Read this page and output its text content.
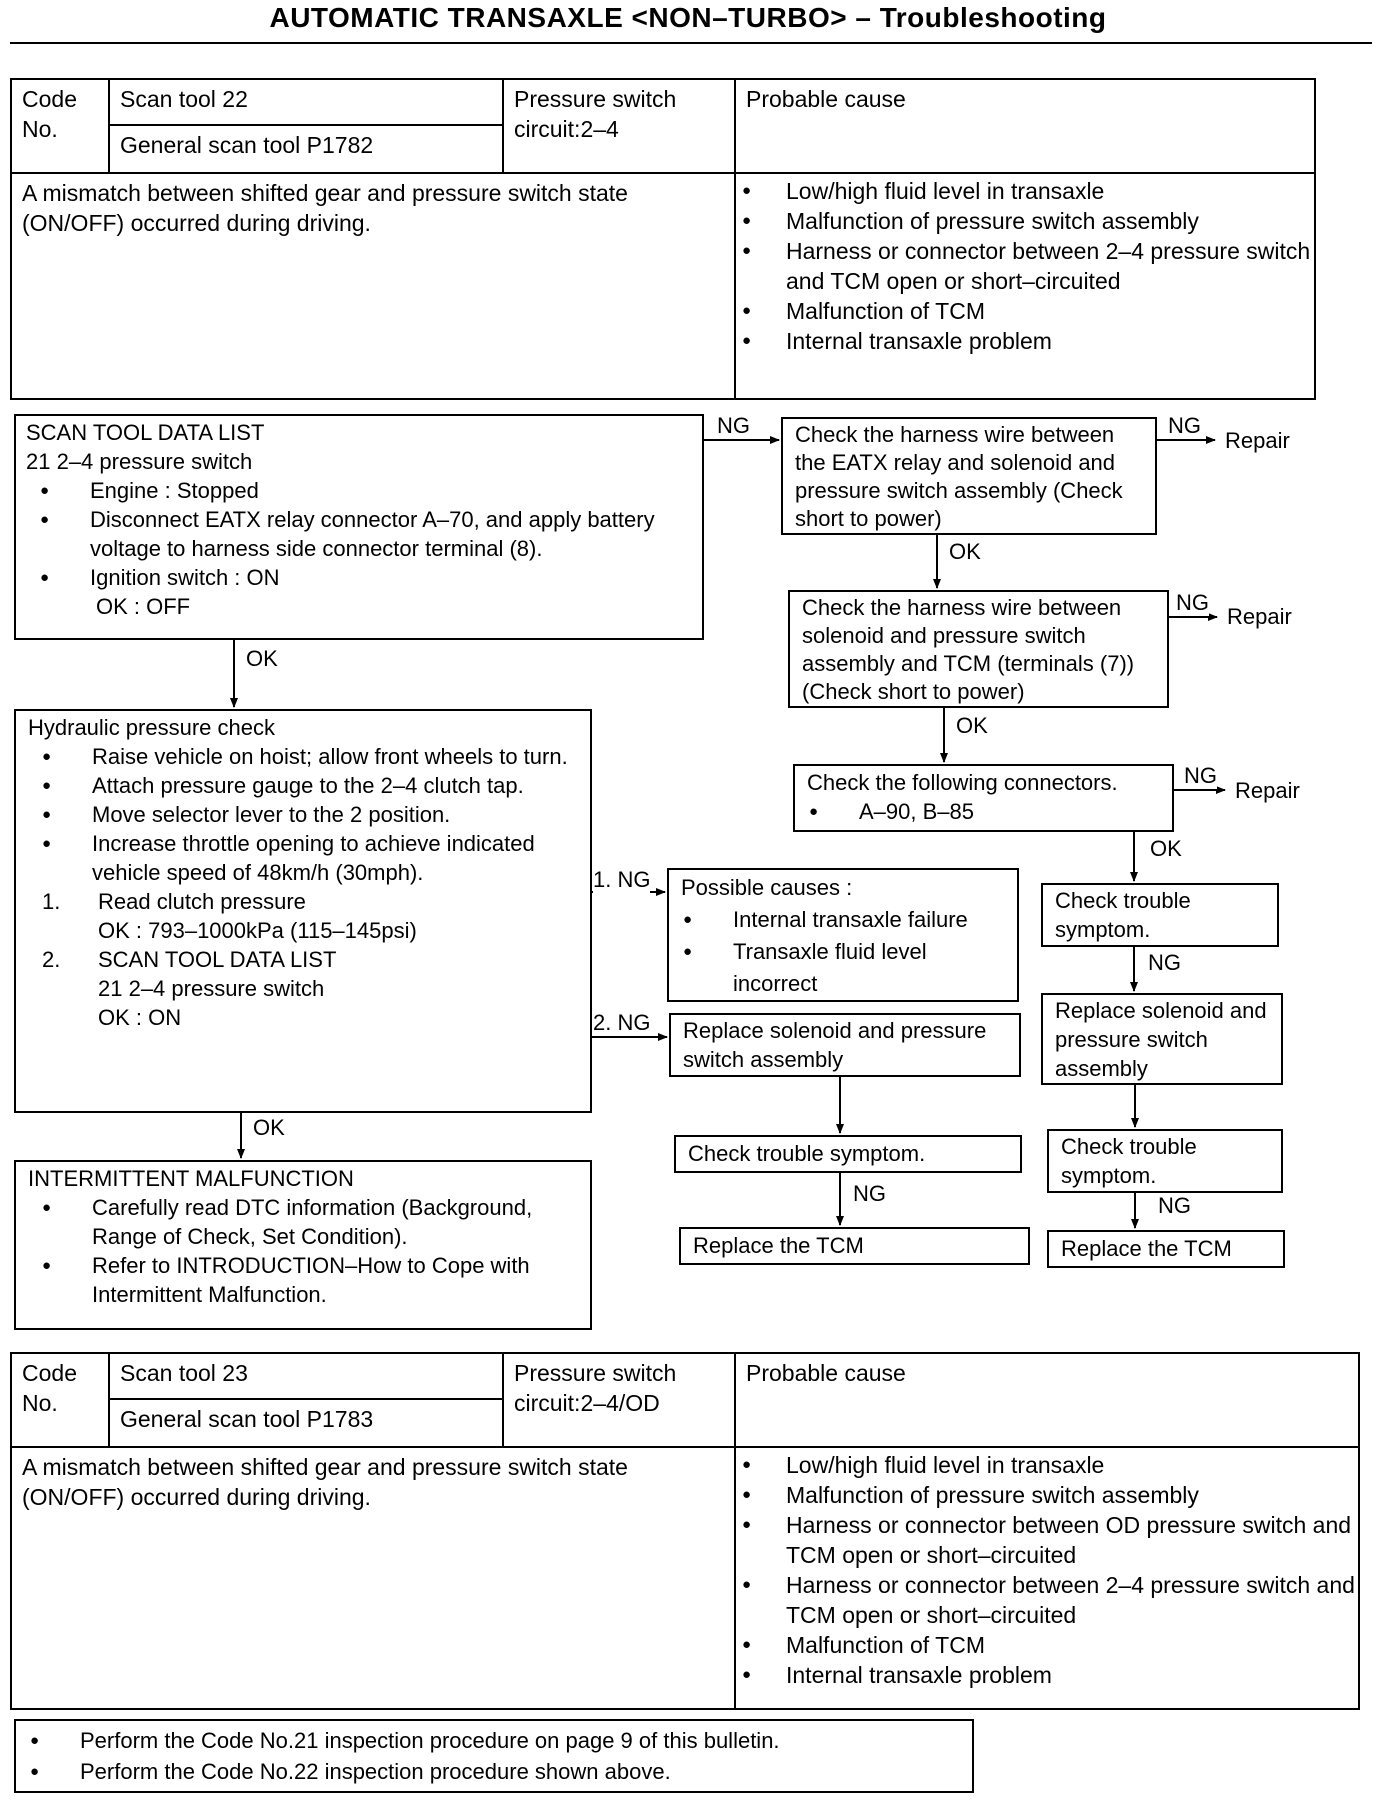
AUTOMATIC TRANSAXLE <NON–TURBO> – Troubleshooting
Code No.
Scan tool 22
General scan tool P1782
Pressure switch circuit:2–4
Probable cause
A mismatch between shifted gear and pressure switch state (ON/OFF) occurred during driving.
● Low/high fluid level in transaxle
● Malfunction of pressure switch assembly
● Harness or connector between 2–4 pressure switch and TCM open or short–circuited
● Malfunction of TCM
● Internal transaxle problem
SCAN TOOL DATA LIST
21 2–4 pressure switch
● Engine : Stopped
● Disconnect EATX relay connector A–70, and apply battery voltage to harness side connector terminal (8).
● Ignition switch : ON
OK : OFF
Hydraulic pressure check
● Raise vehicle on hoist; allow front wheels to turn.
● Attach pressure gauge to the 2–4 clutch tap.
● Move selector lever to the 2 position.
● Increase throttle opening to achieve indicated vehicle speed of 48km/h (30mph).
1. Read clutch pressure
OK : 793–1000kPa (115–145psi)
2. SCAN TOOL DATA LIST
21 2–4 pressure switch
OK : ON
INTERMITTENT MALFUNCTION
● Carefully read DTC information (Background, Range of Check, Set Condition).
● Refer to INTRODUCTION–How to Cope with Intermittent Malfunction.
Check the harness wire between the EATX relay and solenoid and pressure switch assembly (Check short to power)
Check the harness wire between solenoid and pressure switch assembly and TCM (terminals (7)) (Check short to power)
Check the following connectors.
● A–90, B–85
Possible causes :
● Internal transaxle failure
● Transaxle fluid level incorrect
Replace solenoid and pressure switch assembly
Check trouble symptom.
Replace the TCM
Check trouble symptom.
Replace solenoid and pressure switch assembly
Check trouble symptom.
Replace the TCM
NG	NG
Repair
OK
NG
Repair
OK
NG
Repair
OK
NG
NG
OK
1. NG
2. NG
NG
OK
Code No.
Scan tool 23
General scan tool P1783
Pressure switch circuit:2–4/OD
Probable cause
A mismatch between shifted gear and pressure switch state (ON/OFF) occurred during driving.
● Low/high fluid level in transaxle
● Malfunction of pressure switch assembly
● Harness or connector between OD pressure switch and TCM open or short–circuited
● Harness or connector between 2–4 pressure switch and TCM open or short–circuited
● Malfunction of TCM
● Internal transaxle problem
● Perform the Code No.21 inspection procedure on page 9 of this bulletin.
● Perform the Code No.22 inspection procedure shown above.
